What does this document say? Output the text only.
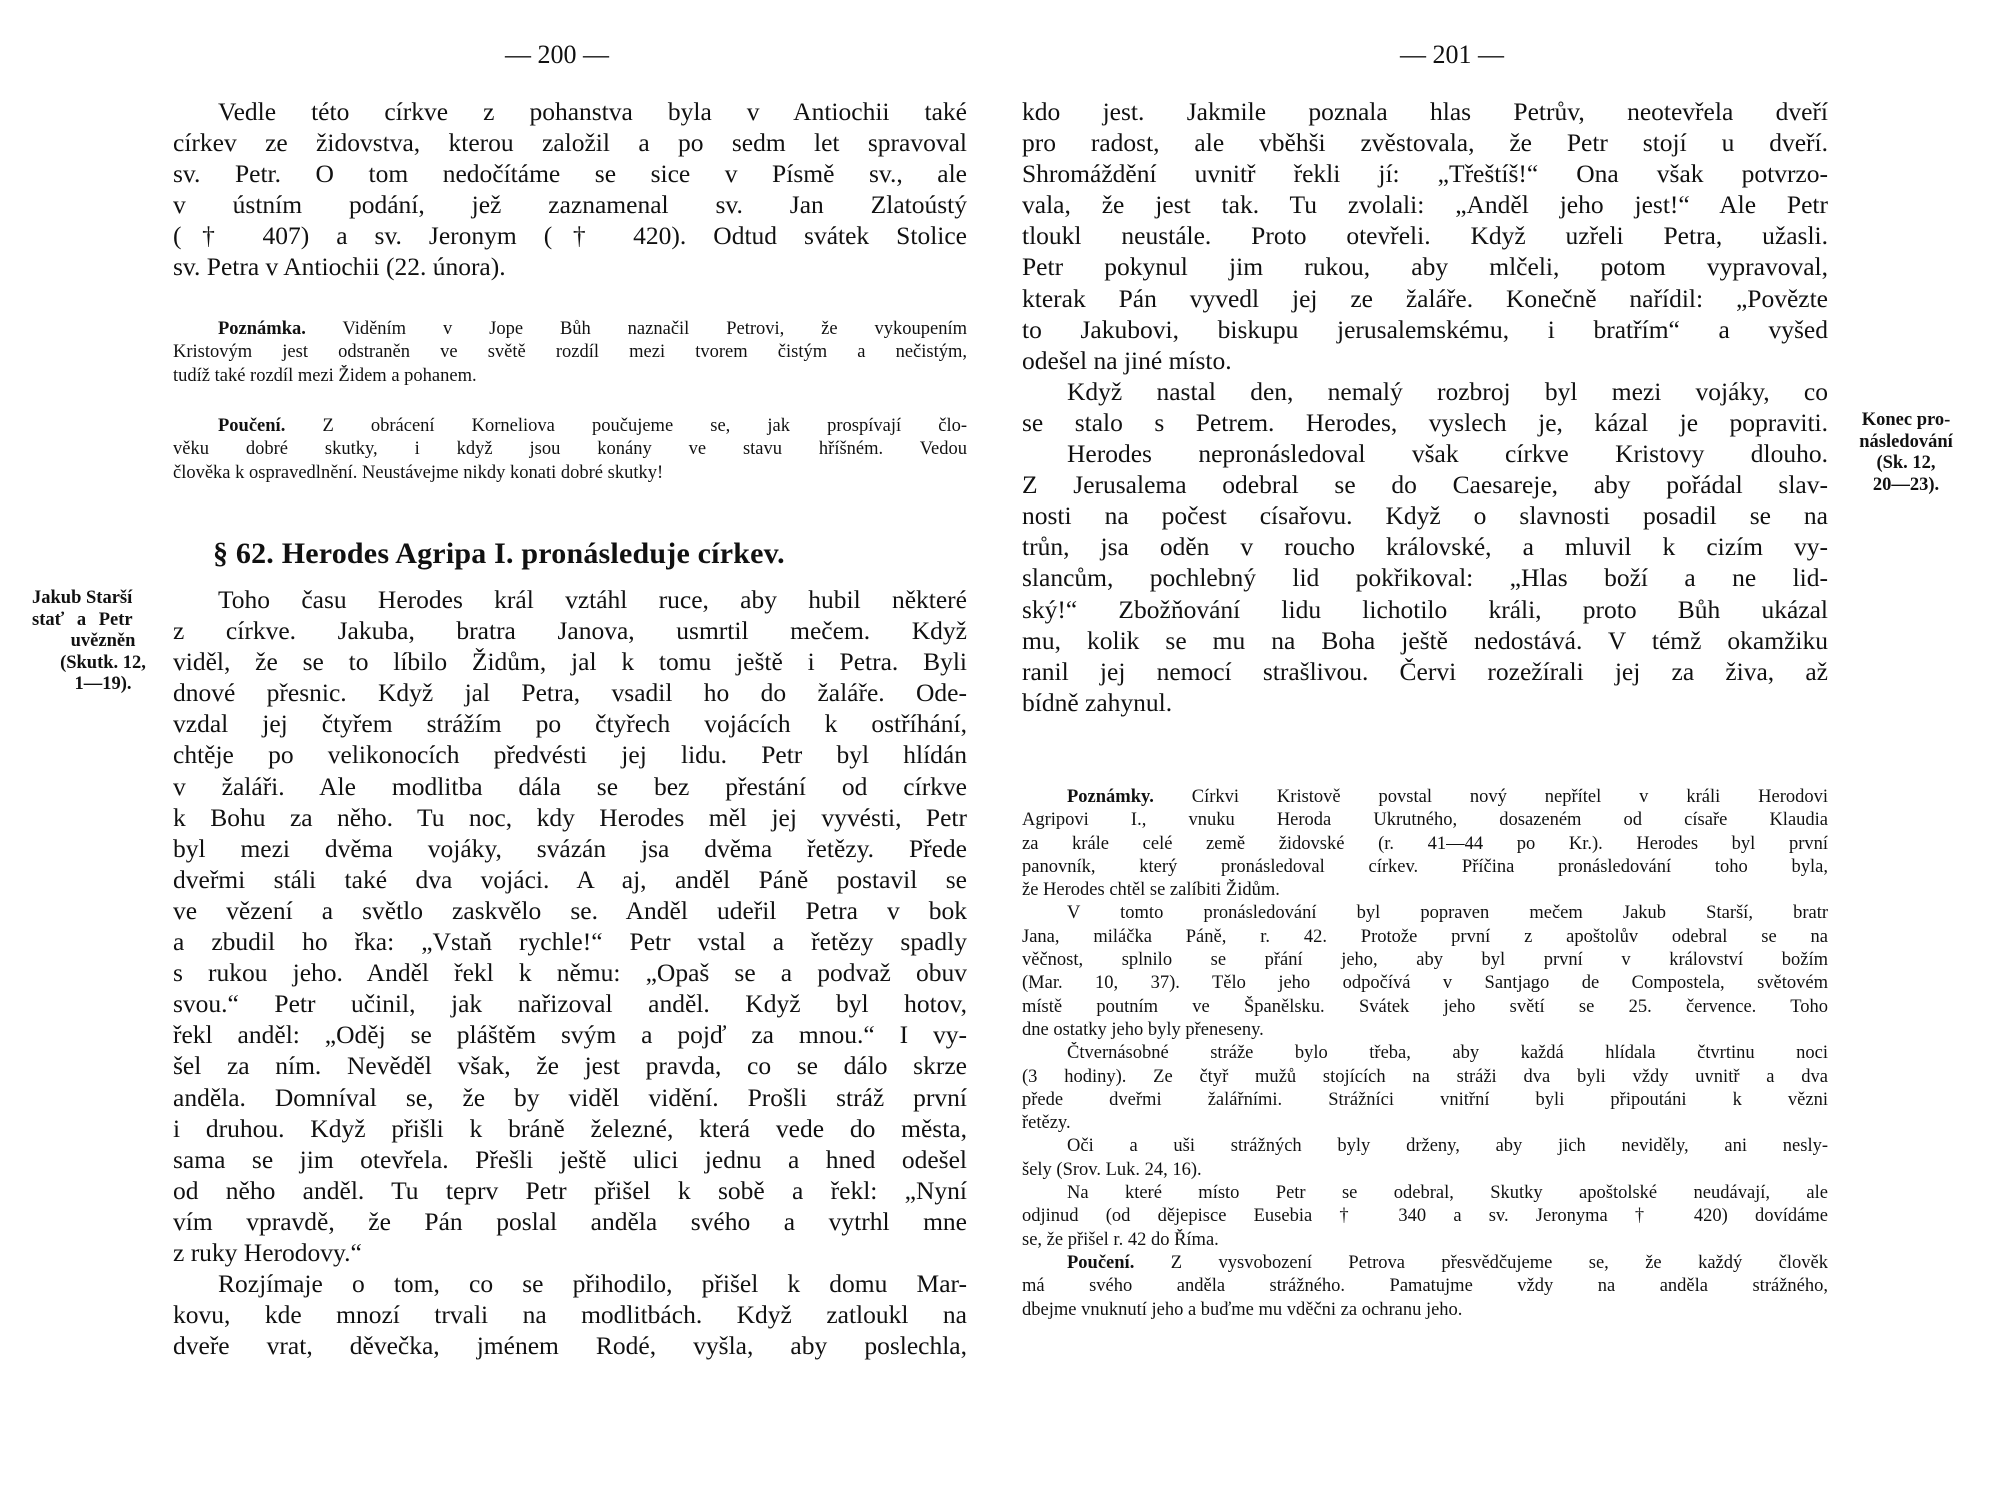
— 200 —
Vedle této církve z pohanstva byla v Antiochii také
církev ze židovstva, kterou založil a po sedm let spravoval
sv. Petr. O tom nedočítáme se sice v Písmě sv., ale
v ústním podání, jež zaznamenal sv. Jan Zlatoústý
(† 407) a sv. Jeronym († 420). Odtud svátek Stolice
sv. Petra v Antiochii (22. února).
Poznámka. Viděním v Jope Bůh naznačil Petrovi, že vykoupením
Kristovým jest odstraněn ve světě rozdíl mezi tvorem čistým a nečistým,
tudíž také rozdíl mezi Židem a pohanem.
Poučení. Z obrácení Korneliova poučujeme se, jak prospívají člo-
věku dobré skutky, i když jsou konány ve stavu hříšném. Vedou
člověka k ospravedlnění. Neustávejme nikdy konati dobré skutky!
§ 62. Herodes Agripa I. pronásleduje církev.
Jakub Starší
stať a Petr
uvězněn
(Skutk. 12,
1—19).
Toho času Herodes král vztáhl ruce, aby hubil některé
z církve. Jakuba, bratra Janova, usmrtil mečem. Když
viděl, že se to líbilo Židům, jal k tomu ještě i Petra. Byli
dnové přesnic. Když jal Petra, vsadil ho do žaláře. Ode-
vzdal jej čtyřem strážím po čtyřech vojácích k ostříhání,
chtěje po velikonocích předvésti jej lidu. Petr byl hlídán
v žaláři. Ale modlitba dála se bez přestání od církve
k Bohu za něho. Tu noc, kdy Herodes měl jej vyvésti, Petr
byl mezi dvěma vojáky, svázán jsa dvěma řetězy. Přede
dveřmi stáli také dva vojáci. A aj, anděl Páně postavil se
ve vězení a světlo zaskvělo se. Anděl udeřil Petra v bok
a zbudil ho řka: „Vstaň rychle!“ Petr vstal a řetězy spadly
s rukou jeho. Anděl řekl k němu: „Opaš se a podvaž obuv
svou.“ Petr učinil, jak nařizoval anděl. Když byl hotov,
řekl anděl: „Oděj se pláštěm svým a pojď za mnou.“ I vy-
šel za ním. Nevěděl však, že jest pravda, co se dálo skrze
anděla. Domníval se, že by viděl vidění. Prošli stráž první
i druhou. Když přišli k bráně železné, která vede do města,
sama se jim otevřela. Přešli ještě ulici jednu a hned odešel
od něho anděl. Tu teprv Petr přišel k sobě a řekl: „Nyní
vím vpravdě, že Pán poslal anděla svého a vytrhl mne
z ruky Herodovy.“
Rozjímaje o tom, co se přihodilo, přišel k domu Mar-
kovu, kde mnozí trvali na modlitbách. Když zatloukl na
dveře vrat, děvečka, jménem Rodé, vyšla, aby poslechla,
— 201 —
kdo jest. Jakmile poznala hlas Petrův, neotevřela dveří
pro radost, ale vběhši zvěstovala, že Petr stojí u dveří.
Shromáždění uvnitř řekli jí: „Třeštíš!“ Ona však potvrzo-
vala, že jest tak. Tu zvolali: „Anděl jeho jest!“ Ale Petr
tloukl neustále. Proto otevřeli. Když uzřeli Petra, užasli.
Petr pokynul jim rukou, aby mlčeli, potom vypravoval,
kterak Pán vyvedl jej ze žaláře. Konečně nařídil: „Povězte
to Jakubovi, biskupu jerusalemskému, i bratřím“ a vyšed
odešel na jiné místo.
Když nastal den, nemalý rozbroj byl mezi vojáky, co
se stalo s Petrem. Herodes, vyslech je, kázal je popraviti.
Herodes nepronásledoval však církve Kristovy dlouho.
Z Jerusalema odebral se do Caesareje, aby pořádal slav-
nosti na počest císařovu. Když o slavnosti posadil se na
trůn, jsa oděn v roucho královské, a mluvil k cizím vy-
slancům, pochlebný lid pokřikoval: „Hlas boží a ne lid-
ský!“ Zbožňování lidu lichotilo králi, proto Bůh ukázal
mu, kolik se mu na Boha ještě nedostává. V témž okamžiku
ranil jej nemocí strašlivou. Červi rozežírali jej za živa, až
bídně zahynul.
Konec pro-
následování
(Sk. 12,
20—23).
Poznámky. Církvi Kristově povstal nový nepřítel v králi Herodovi
Agripovi I., vnuku Heroda Ukrutného, dosazeném od císaře Klaudia
za krále celé země židovské (r. 41—44 po Kr.). Herodes byl první
panovník, který pronásledoval církev. Příčina pronásledování toho byla,
že Herodes chtěl se zalíbiti Židům.
V tomto pronásledování byl popraven mečem Jakub Starší, bratr
Jana, miláčka Páně, r. 42. Protože první z apoštolův odebral se na
věčnost, splnilo se přání jeho, aby byl první v království božím
(Mar. 10, 37). Tělo jeho odpočívá v Santjago de Compostela, světovém
místě poutním ve Španělsku. Svátek jeho světí se 25. července. Toho
dne ostatky jeho byly přeneseny.
Čtvernásobné stráže bylo třeba, aby každá hlídala čtvrtinu noci
(3 hodiny). Ze čtyř mužů stojících na stráži dva byli vždy uvnitř a dva
přede dveřmi žalářními. Strážníci vnitřní byli připoutáni k vězni
řetězy.
Oči a uši strážných byly drženy, aby jich neviděly, ani nesly-
šely (Srov. Luk. 24, 16).
Na které místo Petr se odebral, Skutky apoštolské neudávají, ale
odjinud (od dějepisce Eusebia † 340 a sv. Jeronyma † 420) dovídáme
se, že přišel r. 42 do Říma.
Poučení. Z vysvobození Petrova přesvědčujeme se, že každý člověk
má svého anděla strážného. Pamatujme vždy na anděla strážného,
dbejme vnuknutí jeho a buďme mu vděčni za ochranu jeho.
